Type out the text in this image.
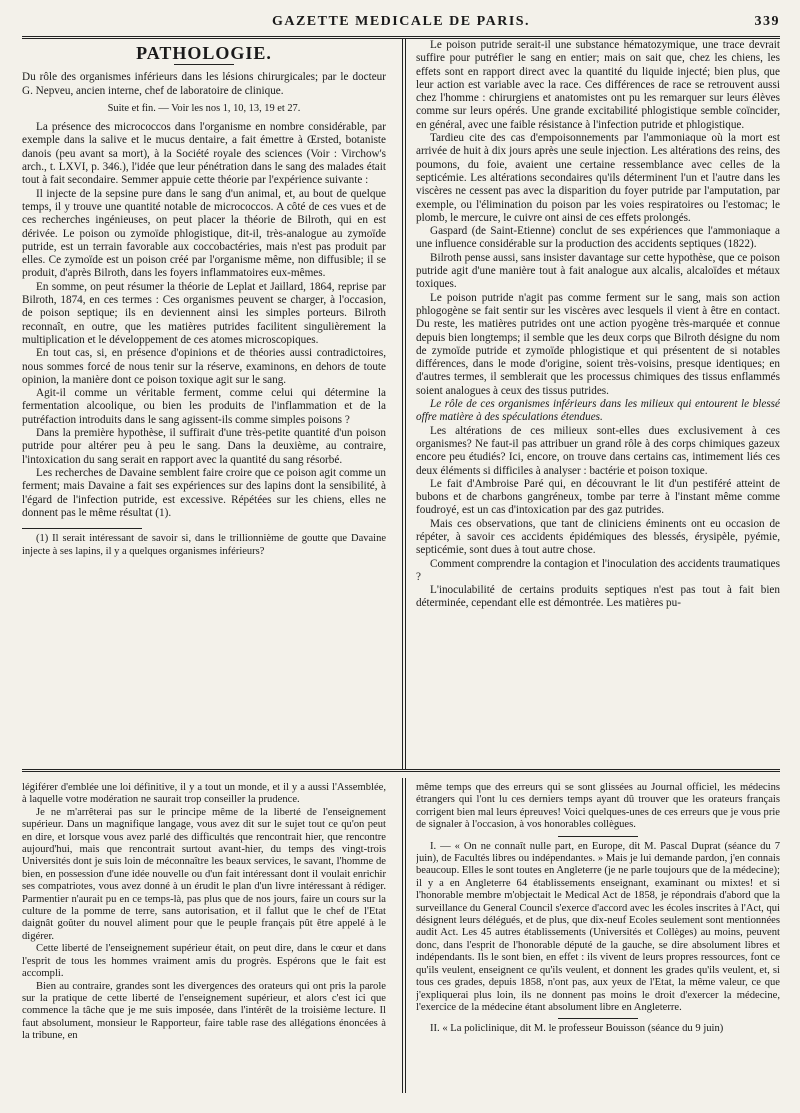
GAZETTE MEDICALE DE PARIS.	339
PATHOLOGIE.

Du rôle des organismes inférieurs dans les lésions chirurgicales; par le docteur G. Nepveu, ancien interne, chef de laboratoire de clinique.

Suite et fin. — Voir les nos 1, 10, 13, 19 et 27.

La présence des micrococcos dans l'organisme en nombre considérable, par exemple dans la salive et le mucus dentaire, a fait émettre à Œrsted, botaniste danois (peu avant sa mort), à la Société royale des sciences (Voir : Virchow's arch., t. LXVI, p. 346.), l'idée que leur pénétration dans le sang des malades était tout à fait secondaire. Semmer appuie cette théorie par l'expérience suivante :

Il injecte de la sepsine pure dans le sang d'un animal, et, au bout de quelque temps, il y trouve une quantité notable de micrococcos. A côté de ces vues et de ces recherches ingénieuses, on peut placer la théorie de Bilroth, qui en est dérivée. Le poison ou zymoïde phlogistique, dit-il, très-analogue au zymoïde putride, est un terrain favorable aux coccobactéries, mais n'est pas produit par elles. Ce zymoïde est un poison créé par l'organisme même, non diffusible; il se produit, d'après Bilroth, dans les foyers inflammatoires eux-mêmes.

En somme, on peut résumer la théorie de Leplat et Jaillard, 1864, reprise par Bilroth, 1874, en ces termes : Ces organismes peuvent se charger, à l'occasion, de poison septique; ils en deviennent ainsi les simples porteurs. Bilroth reconnaît, en outre, que les matières putrides facilitent singulièrement la multiplication et le développement de ces atomes microscopiques.

En tout cas, si, en présence d'opinions et de théories aussi contradictoires, nous sommes forcé de nous tenir sur la réserve, examinons, en dehors de toute opinion, la manière dont ce poison toxique agit sur le sang.

Agit-il comme un véritable ferment, comme celui qui détermine la fermentation alcoolique, ou bien les produits de l'inflammation et de la putréfaction introduits dans le sang agissent-ils comme simples poisons ?

Dans la première hypothèse, il suffirait d'une très-petite quantité d'un poison putride pour altérer peu à peu le sang. Dans la deuxième, au contraire, l'intoxication du sang serait en rapport avec la quantité du sang résorbé.

Les recherches de Davaine semblent faire croire que ce poison agit comme un ferment; mais Davaine a fait ses expériences sur des lapins dont la sensibilité, à l'égard de l'infection putride, est excessive. Répétées sur les chiens, elles ne donnent pas le même résultat (1).

(1) Il serait intéressant de savoir si, dans le trillionnième de goutte que Davaine injecte à ses lapins, il y a quelques organismes inférieurs?

Le poison putride serait-il une substance hématozymique, une trace devrait suffire pour putréfier le sang en entier; mais on sait que, chez les chiens, les effets sont en rapport direct avec la quantité du liquide injecté; bien plus, que leur action est variable avec la race. Ces différences de race se retrouvent aussi chez l'homme : chirurgiens et anatomistes ont pu les remarquer sur leurs élèves comme sur leurs opérés. Une grande excitabilité phlogistique semble coïncider, en général, avec une faible résistance à l'infection putride et phlogistique.

Tardieu cite des cas d'empoisonnements par l'ammoniaque où la mort est arrivée de huit à dix jours après une seule injection. Les altérations des reins, des poumons, du foie, avaient une certaine ressemblance avec celles de la septicémie. Les altérations secondaires qu'ils déterminent l'un et l'autre dans les viscères ne cessent pas avec la disparition du foyer putride par l'amputation, par exemple, ou l'élimination du poison par les voies respiratoires ou l'estomac; le plomb, le mercure, le cuivre ont ainsi de ces effets prolongés.

Gaspard (de Saint-Etienne) conclut de ses expériences que l'ammoniaque a une influence considérable sur la production des accidents septiques (1822).

Bilroth pense aussi, sans insister davantage sur cette hypothèse, que ce poison putride agit d'une manière tout à fait analogue aux alcalis, alcaloïdes et métaux toxiques.

Le poison putride n'agit pas comme ferment sur le sang, mais son action phlogogène se fait sentir sur les viscères avec lesquels il vient à être en contact. Du reste, les matières putrides ont une action pyogène très-marquée et connue depuis bien longtemps; il semble que les deux corps que Bilroth désigne du nom de zymoïde putride et zymoïde phlogistique et qui présentent de si notables différences, dans le mode d'origine, soient très-voisins, presque identiques; en d'autres termes, il semblerait que les processus chimiques des tissus enflammés soient analogues à ceux des tissus putrides.

Le rôle de ces organismes inférieurs dans les milieux qui entourent le blessé offre matière à des spéculations étendues.

Les altérations de ces milieux sont-elles dues exclusivement à ces organismes? Ne faut-il pas attribuer un grand rôle à des corps chimiques gazeux encore peu étudiés? Ici, encore, on trouve dans certains cas, intimement liés ces deux éléments si difficiles à analyser : bactérie et poison toxique.

Le fait d'Ambroise Paré qui, en découvrant le lit d'un pestiféré atteint de bubons et de charbons gangréneux, tombe par terre à l'instant même comme foudroyé, est un cas d'intoxication par des gaz putrides.

Mais ces observations, que tant de cliniciens éminents ont eu occasion de répéter, à savoir ces accidents épidémiques des blessés, érysipèle, pyémie, septicémie, sont dues à tout autre chose.

Comment comprendre la contagion et l'inoculation des accidents traumatiques ?

L'inoculabilité de certains produits septiques n'est pas tout à fait bien déterminée, cependant elle est démontrée. Les matières pu-

légiférer d'emblée une loi définitive, il y a tout un monde, et il y a aussi l'Assemblée, à laquelle votre modération ne saurait trop conseiller la prudence.

Je ne m'arrêterai pas sur le principe même de la liberté de l'enseignement supérieur. Dans un magnifique langage, vous avez dit sur le sujet tout ce qu'on peut en dire, et lorsque vous avez parlé des difficultés que rencontrait hier, que rencontre aujourd'hui, mais que rencontrait surtout avant-hier, du temps des vingt-trois Universités dont je suis loin de méconnaître les beaux services, le savant, l'homme de bien, en possession d'une idée nouvelle ou d'un fait intéressant dont il voulait enrichir ses compatriotes, vous avez donné à un érudit le plan d'un livre intéressant à rédiger. Parmentier n'aurait pu en ce temps-là, pas plus que de nos jours, faire un cours sur la culture de la pomme de terre, sans autorisation, et il fallut que le chef de l'Etat daignât goûter du nouvel aliment pour que le peuple français pût être appelé à le digérer.

Cette liberté de l'enseignement supérieur était, on peut dire, dans le cœur et dans l'esprit de tous les hommes vraiment amis du progrès. Espérons que le fait est accompli.

Bien au contraire, grandes sont les divergences des orateurs qui ont pris la parole sur la pratique de cette liberté de l'enseignement supérieur, et alors c'est ici que commence la tâche que je me suis imposée, dans l'intérêt de la troisième lecture. Il faut absolument, monsieur le Rapporteur, faire table rase des allégations énoncées à la tribune, en

même temps que des erreurs qui se sont glissées au Journal officiel, les médecins étrangers qui l'ont lu ces derniers temps ayant dû trouver que les orateurs français corrigent bien mal leurs épreuves! Voici quelques-unes de ces erreurs que je vous prie de signaler à l'occasion, à vos honorables collègues.

I. — « On ne connaît nulle part, en Europe, dit M. Pascal Duprat (séance du 7 juin), de Facultés libres ou indépendantes. » Mais je lui demande pardon, j'en connais beaucoup. Elles le sont toutes en Angleterre (je ne parle toujours que de la médecine); il y a en Angleterre 64 établissements enseignant, examinant ou mixtes! et si l'honorable membre m'objectait le Medical Act de 1858, je répondrais d'abord que la surveillance du General Council s'exerce d'accord avec les écoles inscrites à l'Act, qui désignent leurs délégués, et de plus, que dix-neuf Ecoles seulement sont mentionnées audit Act. Les 45 autres établissements (Universités et Collèges) au moins, peuvent donc, dans l'esprit de l'honorable député de la gauche, se dire absolument libres et indépendants. Ils le sont bien, en effet : ils vivent de leurs propres ressources, font ce qu'ils veulent, enseignent ce qu'ils veulent, et donnent les grades qu'ils veulent, et, si tous ces grades, depuis 1858, n'ont pas, aux yeux de l'Etat, la même valeur, ce que j'expliquerai plus loin, ils ne donnent pas moins le droit d'exercer la médecine, l'exercice de la médecine étant absolument libre en Angleterre.

II. « La policlinique, dit M. le professeur Bouisson (séance du 9 juin)
